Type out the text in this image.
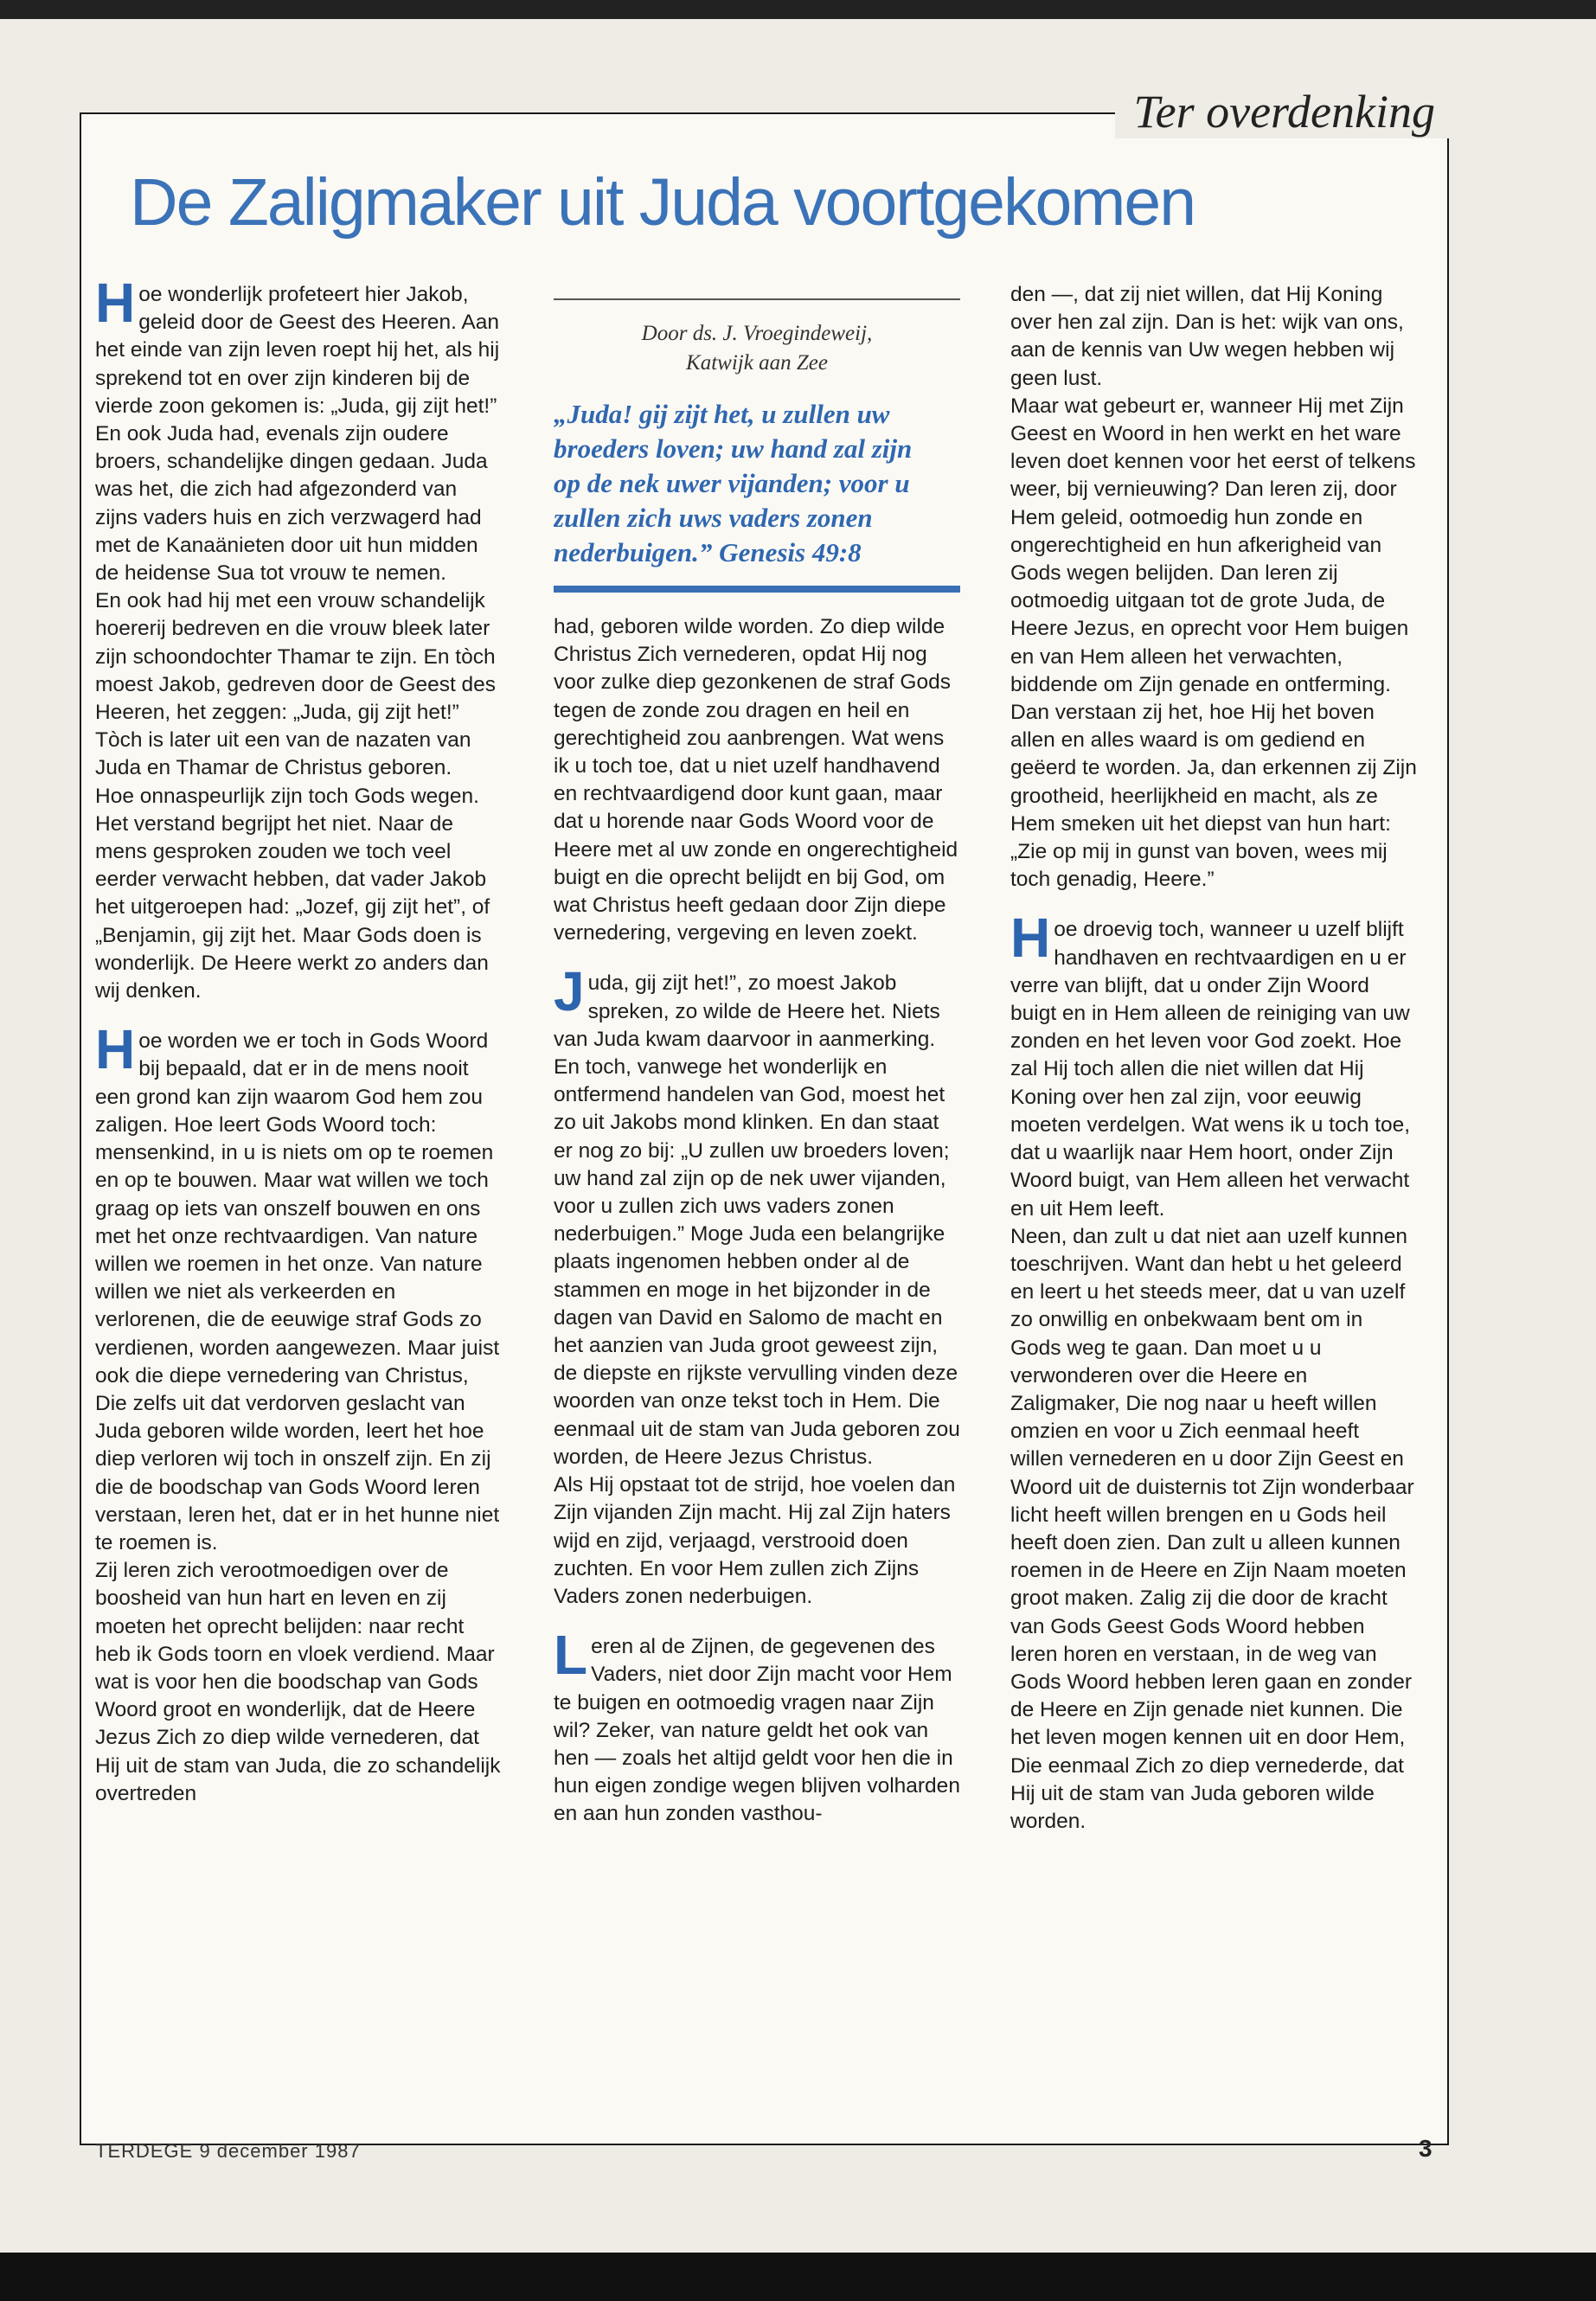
Ter overdenking
De Zaligmaker uit Juda voortgekomen

Hoe wonderlijk profeteert hier Jakob, geleid door de Geest des Heeren. Aan het einde van zijn leven roept hij het, als hij sprekend tot en over zijn kinderen bij de vierde zoon gekomen is: „Juda, gij zijt het!” En ook Juda had, evenals zijn oudere broers, schandelijke dingen gedaan. Juda was het, die zich had afgezonderd van zijns vaders huis en zich verzwagerd had met de Kanaänieten door uit hun midden de heidense Sua tot vrouw te nemen.

En ook had hij met een vrouw schandelijk hoererij bedreven en die vrouw bleek later zijn schoondochter Thamar te zijn. En tòch moest Jakob, gedreven door de Geest des Heeren, het zeggen: „Juda, gij zijt het!” Tòch is later uit een van de nazaten van Juda en Thamar de Christus geboren.

Hoe onnaspeurlijk zijn toch Gods wegen. Het verstand begrijpt het niet. Naar de mens gesproken zouden we toch veel eerder verwacht hebben, dat vader Jakob het uitgeroepen had: „Jozef, gij zijt het”, of „Benjamin, gij zijt het. Maar Gods doen is wonderlijk. De Heere werkt zo anders dan wij denken.

Hoe worden we er toch in Gods Woord bij bepaald, dat er in de mens nooit een grond kan zijn waarom God hem zou zaligen. Hoe leert Gods Woord toch: mensenkind, in u is niets om op te roemen en op te bouwen. Maar wat willen we toch graag op iets van onszelf bouwen en ons met het onze rechtvaardigen. Van nature willen we roemen in het onze. Van nature willen we niet als verkeerden en verlorenen, die de eeuwige straf Gods zo verdienen, worden aangewezen. Maar juist ook die diepe vernedering van Christus, Die zelfs uit dat verdorven geslacht van Juda geboren wilde worden, leert het hoe diep verloren wij toch in onszelf zijn. En zij die de boodschap van Gods Woord leren verstaan, leren het, dat er in het hunne niet te roemen is.

Zij leren zich verootmoedigen over de boosheid van hun hart en leven en zij moeten het oprecht belijden: naar recht heb ik Gods toorn en vloek verdiend. Maar wat is voor hen die boodschap van Gods Woord groot en wonderlijk, dat de Heere Jezus Zich zo diep wilde vernederen, dat Hij uit de stam van Juda, die zo schandelijk overtreden

Door ds. J. Vroegindeweij,
Katwijk aan Zee
„Juda! gij zijt het, u zullen uw broeders loven; uw hand zal zijn op de nek uwer vijanden; voor u zullen zich uws vaders zonen nederbuigen.” Genesis 49:8

had, geboren wilde worden. Zo diep wilde Christus Zich vernederen, opdat Hij nog voor zulke diep gezonkenen de straf Gods tegen de zonde zou dragen en heil en gerechtigheid zou aanbrengen. Wat wens ik u toch toe, dat u niet uzelf handhavend en rechtvaardigend door kunt gaan, maar dat u horende naar Gods Woord voor de Heere met al uw zonde en ongerechtigheid buigt en die oprecht belijdt en bij God, om wat Christus heeft gedaan door Zijn diepe vernedering, vergeving en leven zoekt.

Juda, gij zijt het!”, zo moest Jakob spreken, zo wilde de Heere het. Niets van Juda kwam daarvoor in aanmerking. En toch, vanwege het wonderlijk en ontfermend handelen van God, moest het zo uit Jakobs mond klinken. En dan staat er nog zo bij: „U zullen uw broeders loven; uw hand zal zijn op de nek uwer vijanden, voor u zullen zich uws vaders zonen nederbuigen.” Moge Juda een belangrijke plaats ingenomen hebben onder al de stammen en moge in het bijzonder in de dagen van David en Salomo de macht en het aanzien van Juda groot geweest zijn, de diepste en rijkste vervulling vinden deze woorden van onze tekst toch in Hem. Die eenmaal uit de stam van Juda geboren zou worden, de Heere Jezus Christus.

Als Hij opstaat tot de strijd, hoe voelen dan Zijn vijanden Zijn macht. Hij zal Zijn haters wijd en zijd, verjaagd, verstrooid doen zuchten. En voor Hem zullen zich Zijns Vaders zonen nederbuigen.

Leren al de Zijnen, de gegevenen des Vaders, niet door Zijn macht voor Hem te buigen en ootmoedig vragen naar Zijn wil? Zeker, van nature geldt het ook van hen — zoals het altijd geldt voor hen die in hun eigen zondige wegen blijven volharden en aan hun zonden vasthou-

den —, dat zij niet willen, dat Hij Koning over hen zal zijn. Dan is het: wijk van ons, aan de kennis van Uw wegen hebben wij geen lust.

Maar wat gebeurt er, wanneer Hij met Zijn Geest en Woord in hen werkt en het ware leven doet kennen voor het eerst of telkens weer, bij vernieuwing? Dan leren zij, door Hem geleid, ootmoedig hun zonde en ongerechtigheid en hun afkerigheid van Gods wegen belijden. Dan leren zij ootmoedig uitgaan tot de grote Juda, de Heere Jezus, en oprecht voor Hem buigen en van Hem alleen het verwachten, biddende om Zijn genade en ontferming. Dan verstaan zij het, hoe Hij het boven allen en alles waard is om gediend en geëerd te worden. Ja, dan erkennen zij Zijn grootheid, heerlijkheid en macht, als ze Hem smeken uit het diepst van hun hart: „Zie op mij in gunst van boven, wees mij toch genadig, Heere.”

Hoe droevig toch, wanneer u uzelf blijft handhaven en rechtvaardigen en u er verre van blijft, dat u onder Zijn Woord buigt en in Hem alleen de reiniging van uw zonden en het leven voor God zoekt. Hoe zal Hij toch allen die niet willen dat Hij Koning over hen zal zijn, voor eeuwig moeten verdelgen. Wat wens ik u toch toe, dat u waarlijk naar Hem hoort, onder Zijn Woord buigt, van Hem alleen het verwacht en uit Hem leeft.

Neen, dan zult u dat niet aan uzelf kunnen toeschrijven. Want dan hebt u het geleerd en leert u het steeds meer, dat u van uzelf zo onwillig en onbekwaam bent om in Gods weg te gaan. Dan moet u u verwonderen over die Heere en Zaligmaker, Die nog naar u heeft willen omzien en voor u Zich eenmaal heeft willen vernederen en u door Zijn Geest en Woord uit de duisternis tot Zijn wonderbaar licht heeft willen brengen en u Gods heil heeft doen zien. Dan zult u alleen kunnen roemen in de Heere en Zijn Naam moeten groot maken. Zalig zij die door de kracht van Gods Geest Gods Woord hebben leren horen en verstaan, in de weg van Gods Woord hebben leren gaan en zonder de Heere en Zijn genade niet kunnen. Die het leven mogen kennen uit en door Hem, Die eenmaal Zich zo diep vernederde, dat Hij uit de stam van Juda geboren wilde worden.

TERDEGE 9 december 1987	3
